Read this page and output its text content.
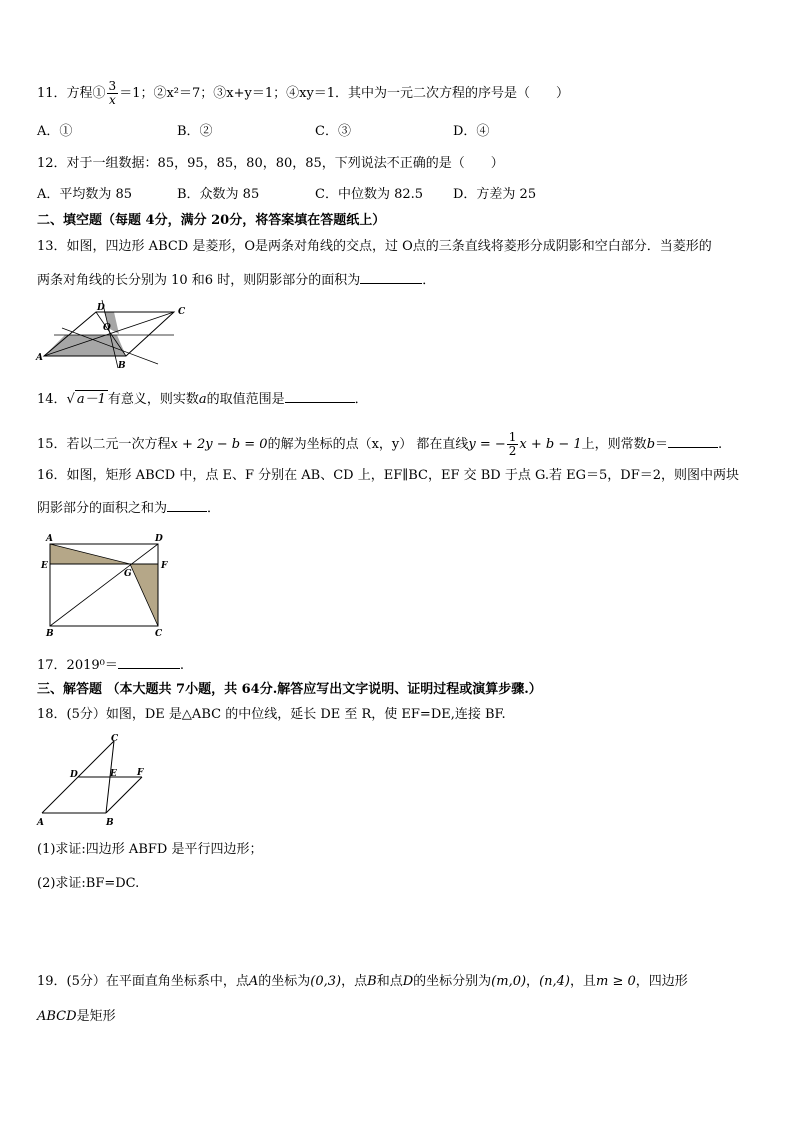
11．方程① $\frac{3}{x} =1$；②x²＝7；③x+y＝1；④xy＝1．其中为一元二次方程的序号是（　　）
A．①	B．②	C．③	D．④
12．对于一组数据：85，95，85，80，80，85，下列说法不正确的是（　　）
A．平均数为 85	B．众数为 85	C．中位数为 82.5 D．方差为 25
二、填空题（每题 4分，满分 20分，将答案填在答题纸上）
13．如图，四边形 ABCD 是菱形，O是两条对角线的交点，过 O点的三条直线将菱形分成阴影和空白部分．当菱形的
两条对角线的长分别为 10 和6 时，则阴影部分的面积为	．
D	C
O
A
B
14．√ a－1 有意义，则实数a的取值范围是	．
15．若以二元一次方程x + 2y − b = 0的解为坐标的点（x，y） 都在直线y = − $\frac{1}{2}$ x + b − 1上，则常数b＝	.
16．如图，矩形 ABCD 中，点 E、F 分别在 AB、CD 上，EF∥BC，EF 交 BD 于点 G.若 EG＝5，DF＝2，则图中两块
阴影部分的面积之和为	．
A	D
E	F
G
B	C
17．2019⁰＝	.
三、解答题 （本大题共 7小题，共 64分.解答应写出文字说明、证明过程或演算步骤.）
18．(5分）如图，DE 是△ABC 的中位线，延长 DE 至 R，使 EF=DE,连接 BF.
C
D	E F
A	B
(1)求证:四边形 ABFD 是平行四边形；
(2)求证:BF=DC.
19．(5分）在平面直角坐标系中，点A的坐标为(0,3)，点B和点D的坐标分别为(m,0)，(n,4)，且m ≥ 0，四边形
ABCD是矩形
